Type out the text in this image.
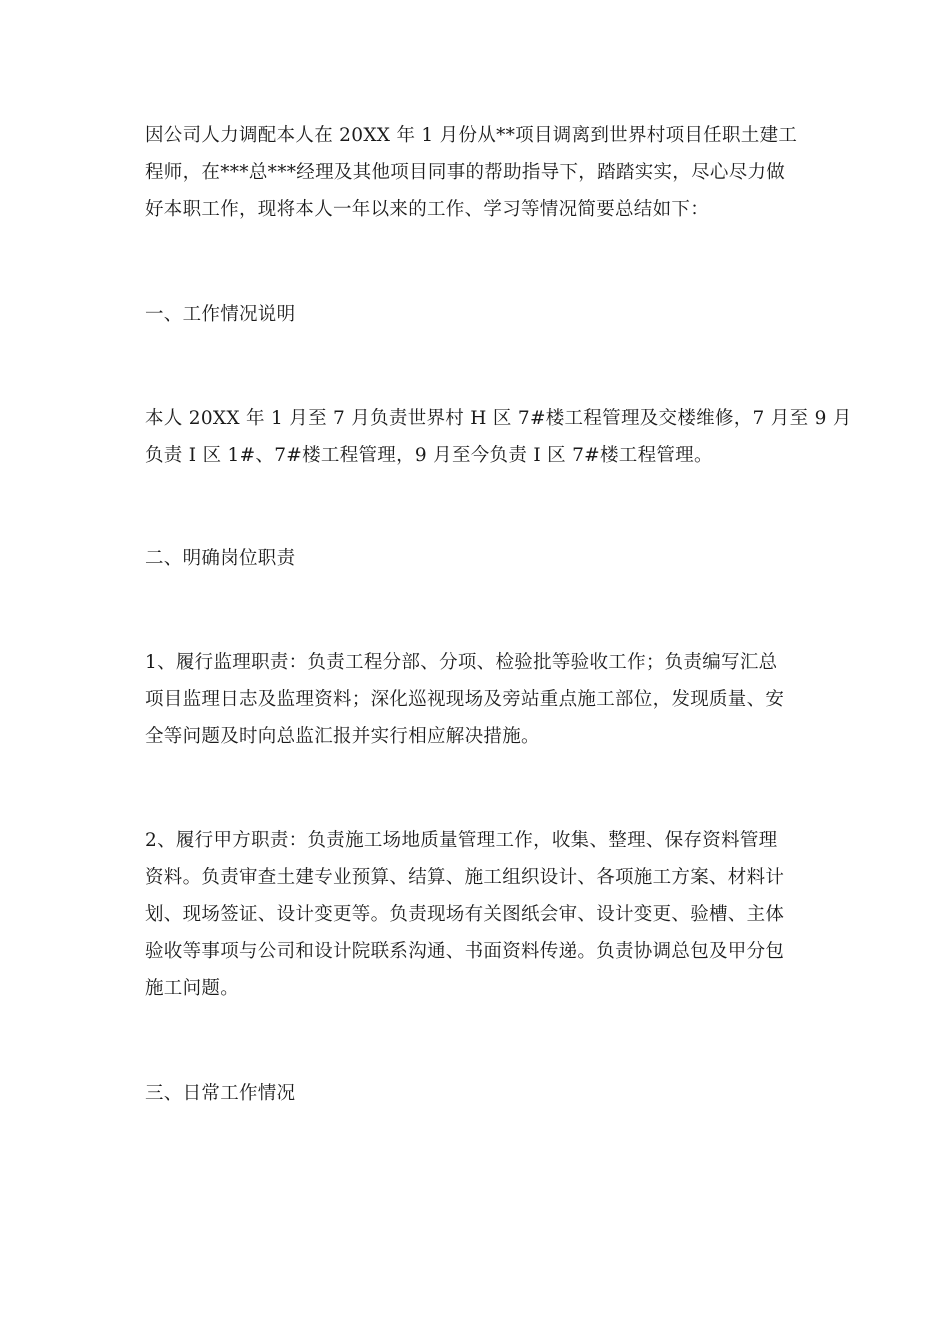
因公司人力调配本人在 20XX 年 1 月份从**项目调离到世界村项目任职土建工
程师，在***总***经理及其他项目同事的帮助指导下，踏踏实实，尽心尽力做
好本职工作，现将本人一年以来的工作、学习等情况简要总结如下：

一、工作情况说明

本人 20XX 年 1 月至 7 月负责世界村 H 区 7#楼工程管理及交楼维修，7 月至 9 月
负责 I 区 1#、7#楼工程管理，9 月至今负责 I 区 7#楼工程管理。

二、明确岗位职责

1、履行监理职责：负责工程分部、分项、检验批等验收工作；负责编写汇总
项目监理日志及监理资料；深化巡视现场及旁站重点施工部位，发现质量、安
全等问题及时向总监汇报并实行相应解决措施。

2、履行甲方职责：负责施工场地质量管理工作，收集、整理、保存资料管理
资料。负责审查土建专业预算、结算、施工组织设计、各项施工方案、材料计
划、现场签证、设计变更等。负责现场有关图纸会审、设计变更、验槽、主体
验收等事项与公司和设计院联系沟通、书面资料传递。负责协调总包及甲分包
施工问题。

三、日常工作情况
